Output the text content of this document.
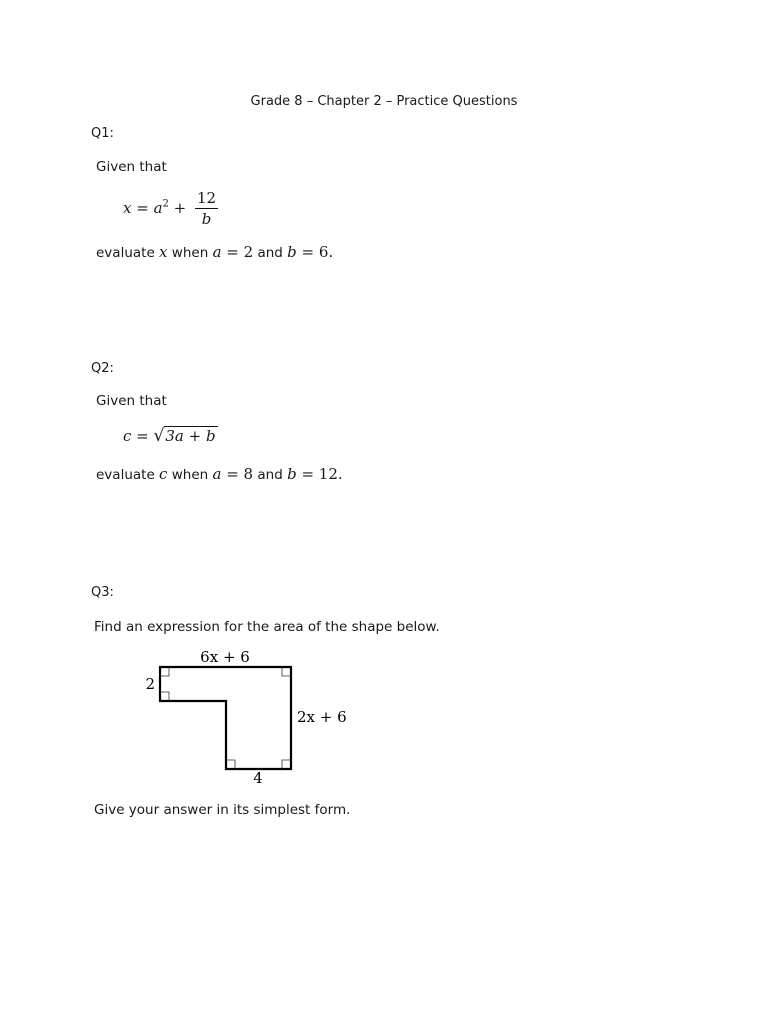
Grade 8 – Chapter 2 – Practice Questions
Q1:
Given that
$x = a^2 + \frac{12}{b}$
evaluate x when a = 2 and b = 6.
Q2:
Given that
c = √3a + b
evaluate c when a = 8 and b = 12.
Q3:
Find an expression for the area of the shape below.
6x + 6
2
2x + 6
4
Give your answer in its simplest form.
